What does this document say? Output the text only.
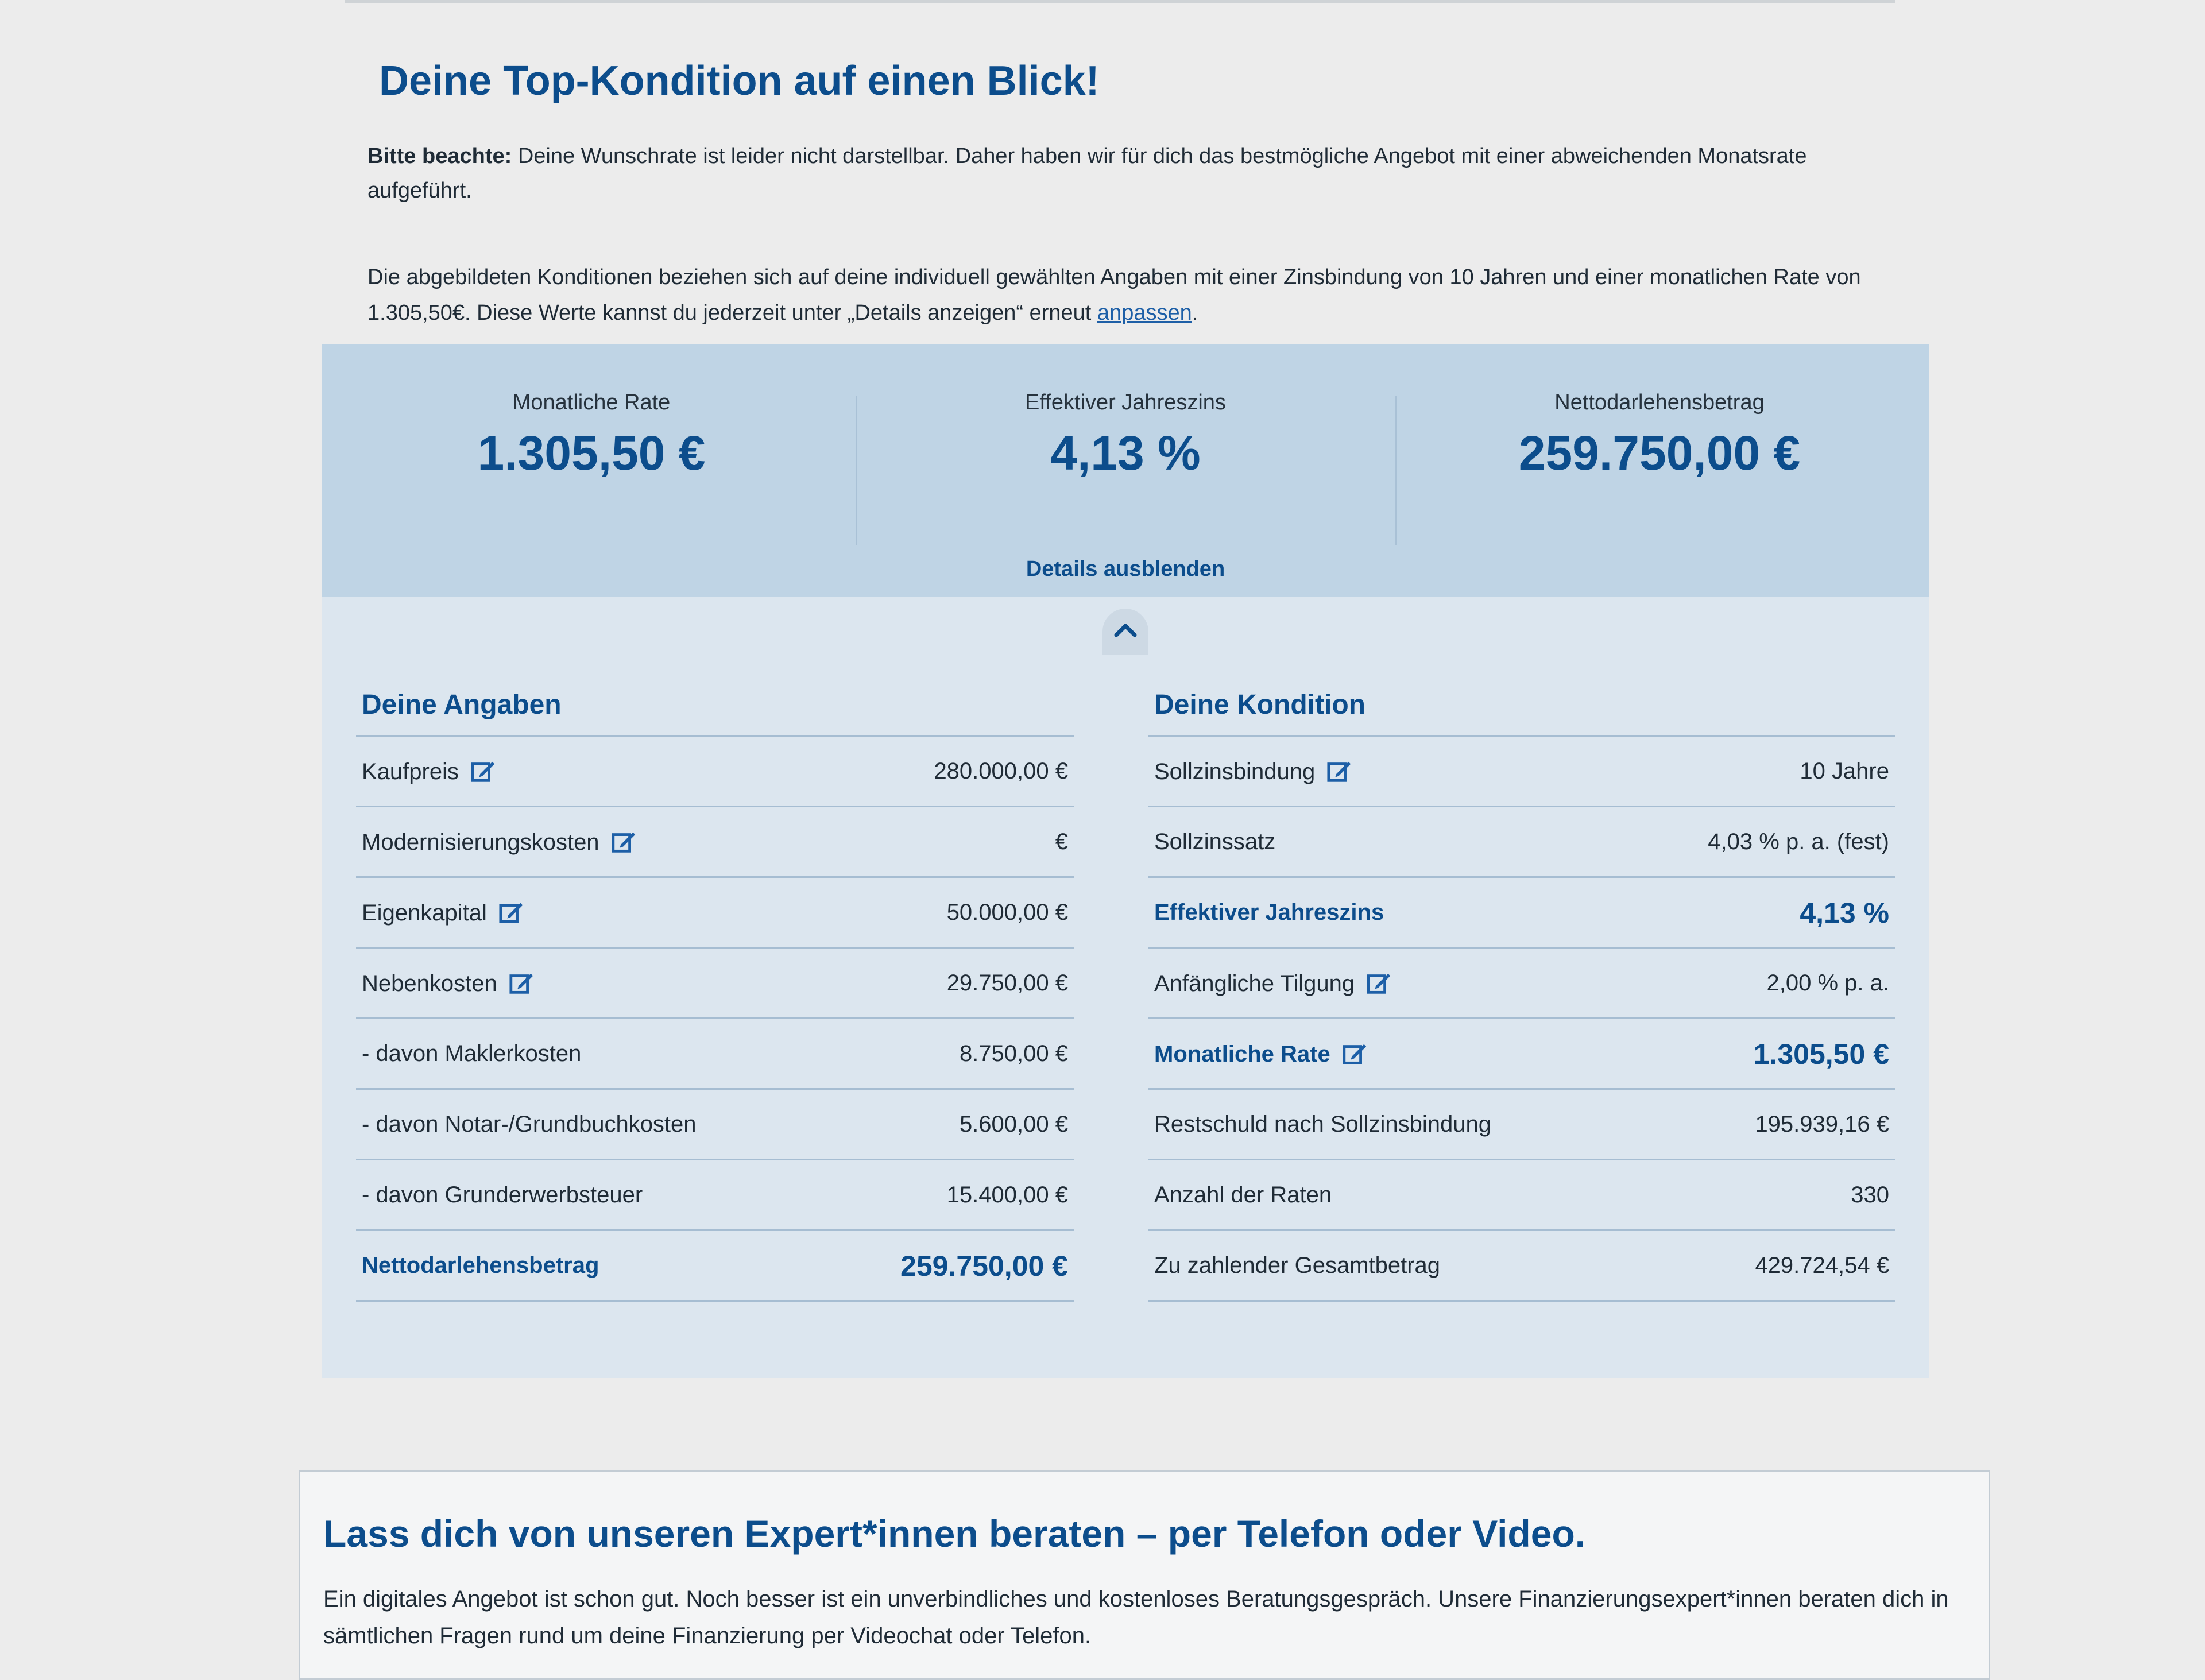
Deine Top-Kondition auf einen Blick!

Bitte beachte: Deine Wunschrate ist leider nicht darstellbar. Daher haben wir für dich das bestmögliche Angebot mit einer abweichenden Monatsrate aufgeführt.

Die abgebildeten Konditionen beziehen sich auf deine individuell gewählten Angaben mit einer Zinsbindung von 10 Jahren und einer monatlichen Rate von 1.305,50€. Diese Werte kannst du jederzeit unter „Details anzeigen“ erneut anpassen.

Monatliche Rate
1.305,50 €
Effektiver Jahreszins
4,13 %
Nettodarlehensbetrag
259.750,00 €
Details ausblenden
Deine Angaben
Kaufpreis	280.000,00 €
Modernisierungskosten	€
Eigenkapital	50.000,00 €
Nebenkosten	29.750,00 €
- davon Maklerkosten	8.750,00 €
- davon Notar-/Grundbuchkosten	5.600,00 €
- davon Grunderwerbsteuer	15.400,00 €
Nettodarlehensbetrag	259.750,00 €
Deine Kondition
Sollzinsbindung	10 Jahre
Sollzinssatz	4,03 % p. a. (fest)
Effektiver Jahreszins	4,13 %
Anfängliche Tilgung	2,00 % p. a.
Monatliche Rate	1.305,50 €
Restschuld nach Sollzinsbindung	195.939,16 €
Anzahl der Raten	330
Zu zahlender Gesamtbetrag	429.724,54 €
Lass dich von unseren Expert*innen beraten – per Telefon oder Video.
Ein digitales Angebot ist schon gut. Noch besser ist ein unverbindliches und kostenloses Beratungsgespräch. Unsere Finanzierungsexpert*innen beraten dich in sämtlichen Fragen rund um deine Finanzierung per Videochat oder Telefon.
